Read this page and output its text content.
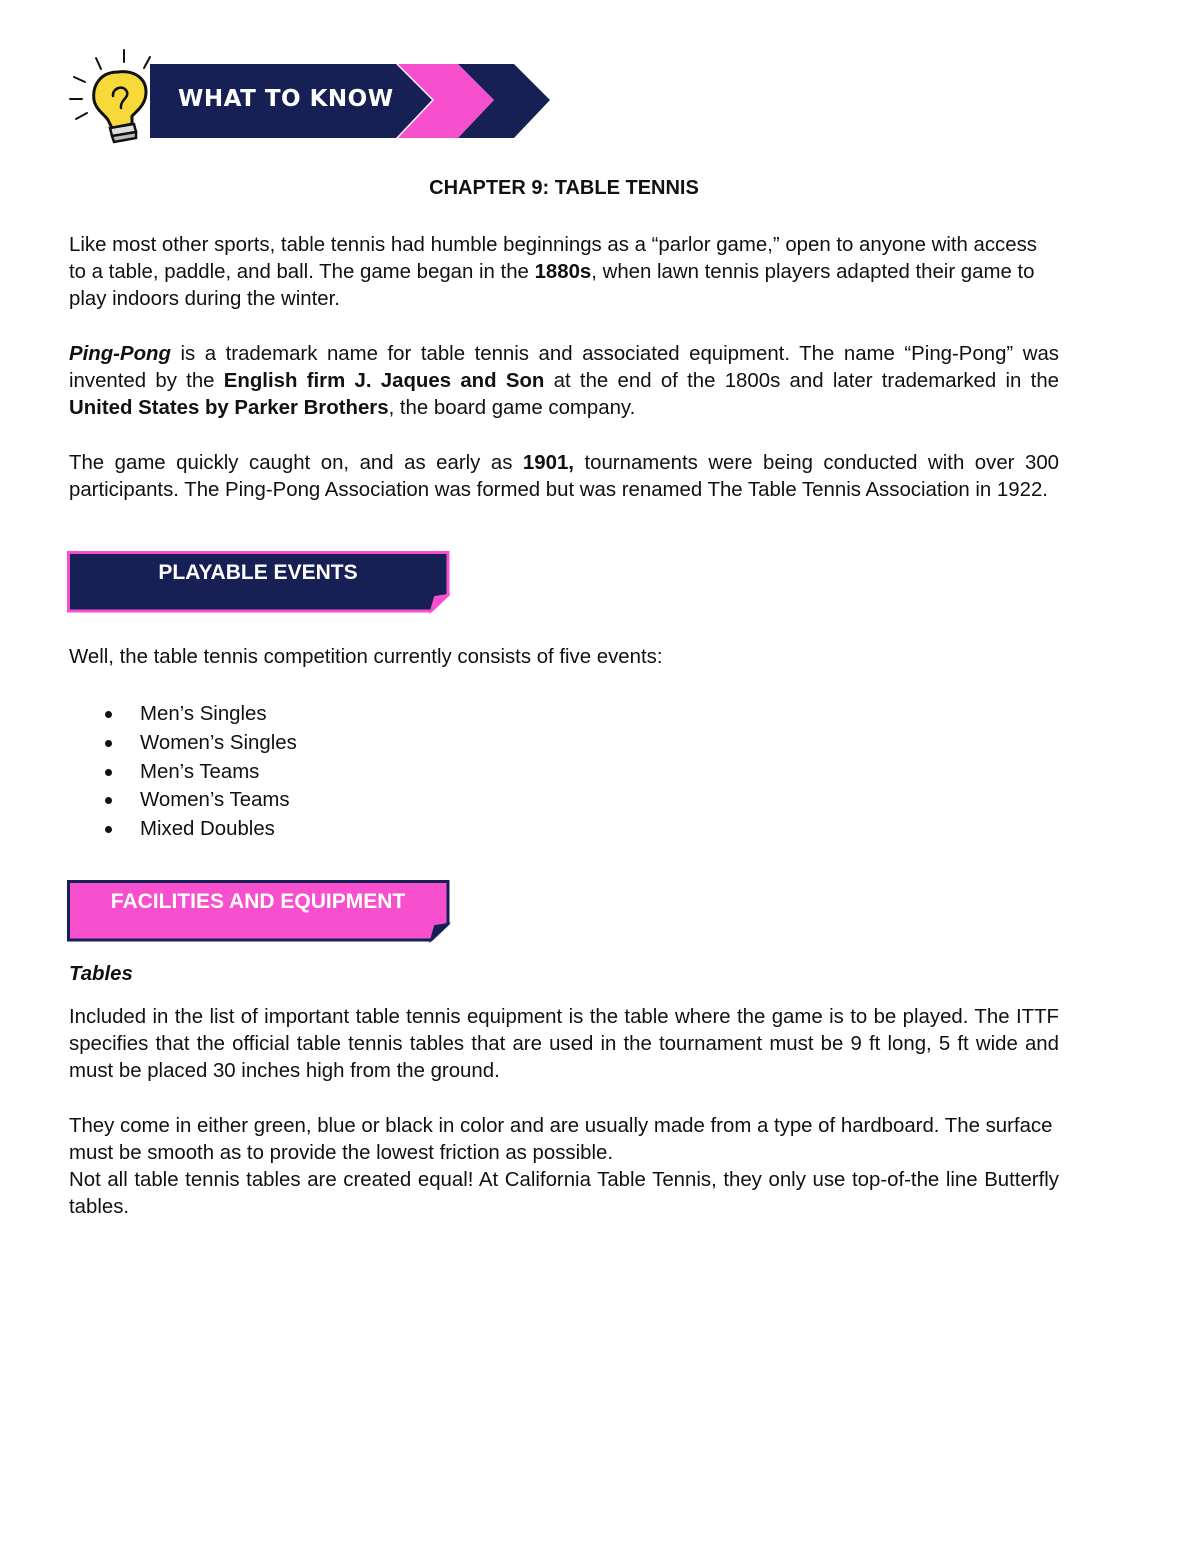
WHAT TO KNOW
CHAPTER 9: TABLE TENNIS

Like most other sports, table tennis had humble beginnings as a “parlor game,” open to anyone with access to a table, paddle, and ball. The game began in the 1880s, when lawn tennis players adapted their game to play indoors during the winter.

Ping-Pong is a trademark name for table tennis and associated equipment. The name “Ping-Pong” was invented by the English firm J. Jaques and Son at the end of the 1800s and later trademarked in the United States by Parker Brothers, the board game company.

The game quickly caught on, and as early as 1901, tournaments were being conducted with over 300 participants. The Ping-Pong Association was formed but was renamed The Table Tennis Association in 1922.

PLAYABLE EVENTS
Well, the table tennis competition currently consists of five events:
Men’s Singles
Women’s Singles
Men’s Teams
Women’s Teams
Mixed Doubles
FACILITIES AND EQUIPMENT
Tables
Included in the list of important table tennis equipment is the table where the game is to be played. The ITTF specifies that the official table tennis tables that are used in the tournament must be 9 ft long, 5 ft wide and must be placed 30 inches high from the ground.
They come in either green, blue or black in color and are usually made from a type of hardboard. The surface must be smooth as to provide the lowest friction as possible.
Not all table tennis tables are created equal! At California Table Tennis, they only use top-of-the line Butterfly tables.
